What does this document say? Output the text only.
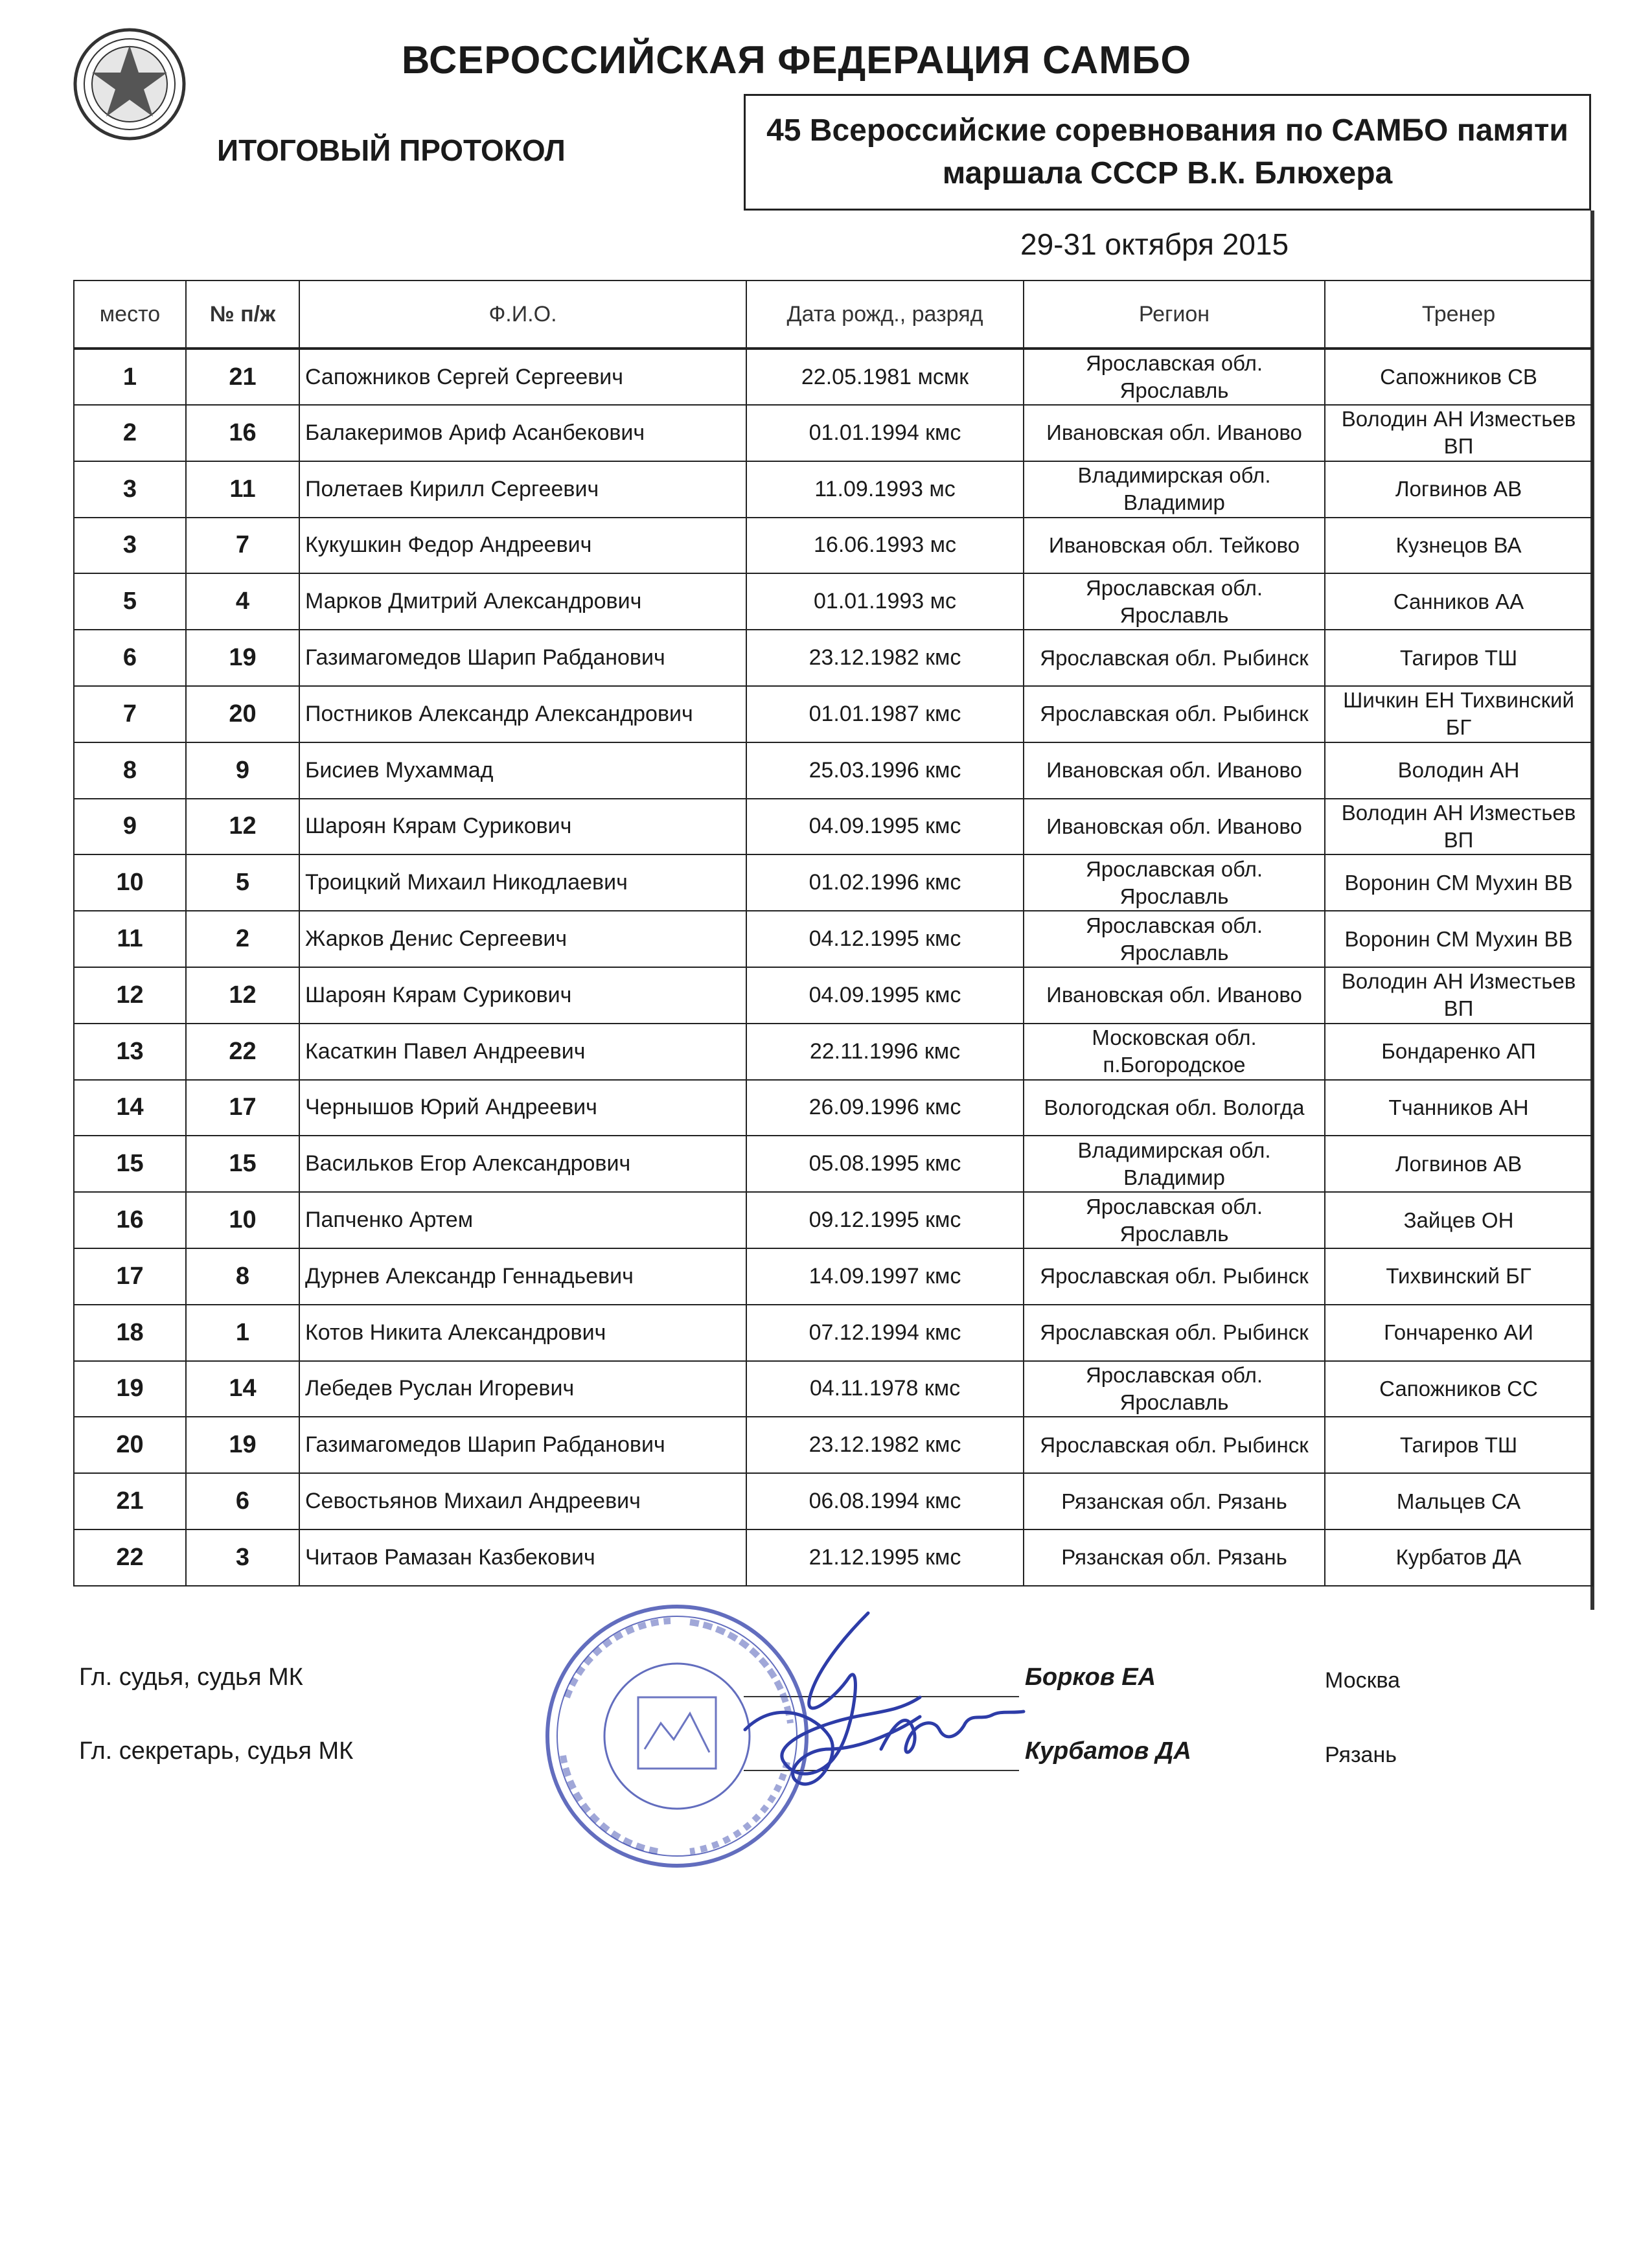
ВСЕРОССИЙСКАЯ ФЕДЕРАЦИЯ САМБО
ИТОГОВЫЙ ПРОТОКОЛ
45 Всероссийские соревнования по САМБО памяти
маршала СССР В.К. Блюхера
29-31 октября 2015
место	№ п/ж	Ф.И.О.	Дата рожд., разряд	Регион	Тренер
1	21	Сапожников Сергей Сергеевич	22.05.1981 мсмк	Ярославская обл. Ярославль	Сапожников СВ
2	16	Балакеримов Ариф Асанбекович	01.01.1994 кмс	Ивановская обл. Иваново	Володин АН Изместьев ВП
3	11	Полетаев Кирилл Сергеевич	11.09.1993 мс	Владимирская обл. Владимир	Логвинов АВ
3	7	Кукушкин Федор Андреевич	16.06.1993 мс	Ивановская обл. Тейково	Кузнецов ВА
5	4	Марков Дмитрий Александрович	01.01.1993 мс	Ярославская обл. Ярославль	Санников АА
6	19	Газимагомедов Шарип Рабданович	23.12.1982 кмс	Ярославская обл. Рыбинск	Тагиров ТШ
7	20	Постников Александр Александрович	01.01.1987 кмс	Ярославская обл. Рыбинск	Шичкин ЕН Тихвинский БГ
8	9	Бисиев Мухаммад	25.03.1996 кмс	Ивановская обл. Иваново	Володин АН
9	12	Шароян Кярам Сурикович	04.09.1995 кмс	Ивановская обл. Иваново	Володин АН Изместьев ВП
10	5	Троицкий Михаил Никодлаевич	01.02.1996 кмс	Ярославская обл. Ярославль	Воронин СМ Мухин ВВ
11	2	Жарков Денис Сергеевич	04.12.1995 кмс	Ярославская обл. Ярославль	Воронин СМ Мухин ВВ
12	12	Шароян Кярам Сурикович	04.09.1995 кмс	Ивановская обл. Иваново	Володин АН Изместьев ВП
13	22	Касаткин Павел Андреевич	22.11.1996 кмс	Московская обл. п.Богородское	Бондаренко АП
14	17	Чернышов Юрий Андреевич	26.09.1996 кмс	Вологодская обл. Вологда	Тчанников АН
15	15	Васильков Егор Александрович	05.08.1995 кмс	Владимирская обл. Владимир	Логвинов АВ
16	10	Папченко Артем	09.12.1995 кмс	Ярославская обл. Ярославль	Зайцев ОН
17	8	Дурнев Александр Геннадьевич	14.09.1997 кмс	Ярославская обл. Рыбинск	Тихвинский БГ
18	1	Котов Никита Александрович	07.12.1994 кмс	Ярославская обл. Рыбинск	Гончаренко АИ
19	14	Лебедев Руслан Игоревич	04.11.1978 кмс	Ярославская обл. Ярославль	Сапожников СС
20	19	Газимагомедов Шарип Рабданович	23.12.1982 кмс	Ярославская обл. Рыбинск	Тагиров ТШ
21	6	Севостьянов Михаил Андреевич	06.08.1994 кмс	Рязанская обл. Рязань	Мальцев СА
22	3	Читаов Рамазан Казбекович	21.12.1995 кмс	Рязанская обл. Рязань	Курбатов ДА
Гл. судья, судья МК	Борков ЕА	Москва
Гл. секретарь, судья МК	Курбатов ДА	Рязань
